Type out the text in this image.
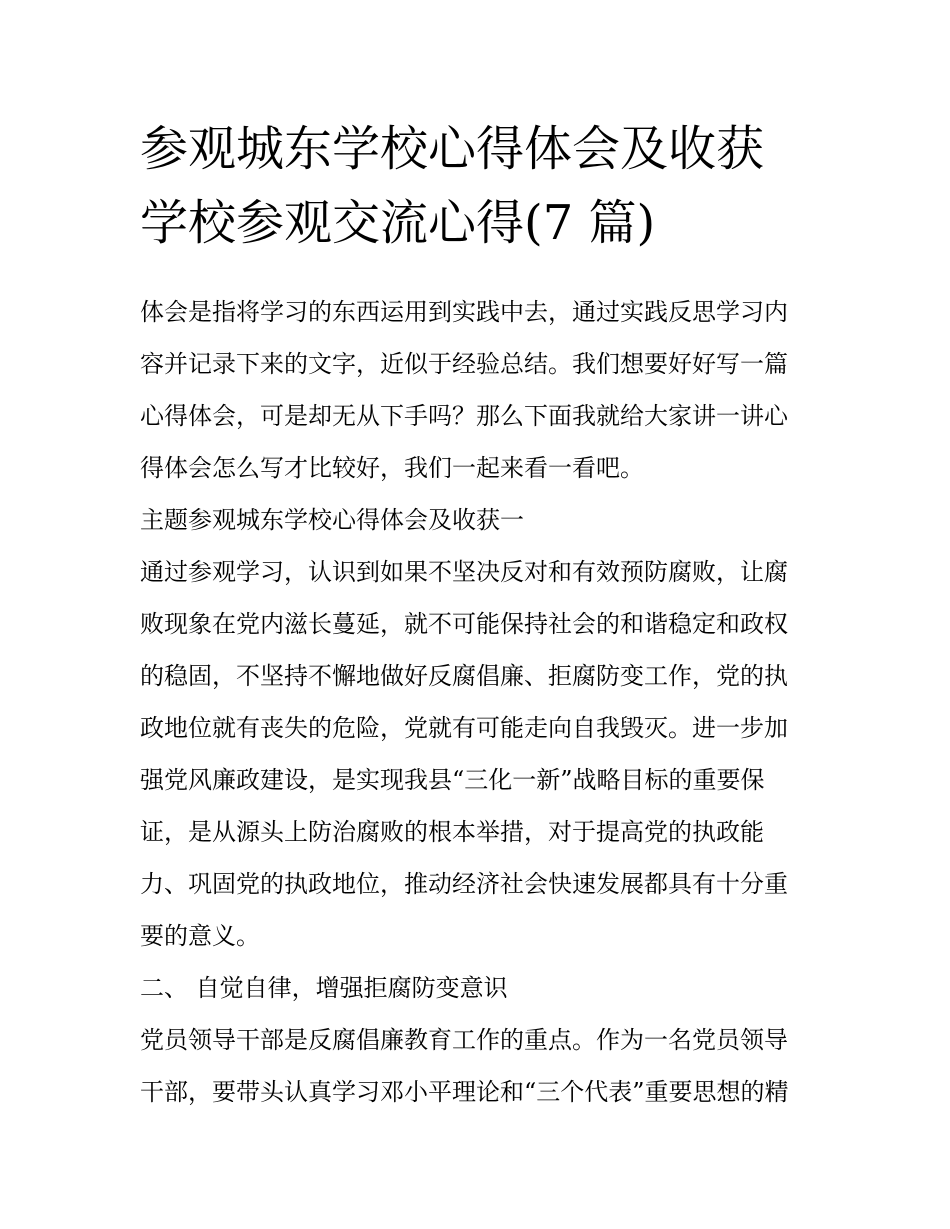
参观城东学校心得体会及收获
学校参观交流心得(7 篇)
体会是指将学习的东西运用到实践中去，通过实践反思学习内
容并记录下来的文字，近似于经验总结。我们想要好好写一篇
心得体会，可是却无从下手吗？那么下面我就给大家讲一讲心
得体会怎么写才比较好，我们一起来看一看吧。
主题参观城东学校心得体会及收获一
通过参观学习，认识到如果不坚决反对和有效预防腐败，让腐
败现象在党内滋长蔓延，就不可能保持社会的和谐稳定和政权
的稳固，不坚持不懈地做好反腐倡廉、拒腐防变工作，党的执
政地位就有丧失的危险，党就有可能走向自我毁灭。进一步加
强党风廉政建设，是实现我县“三化一新”战略目标的重要保
证，是从源头上防治腐败的根本举措，对于提高党的执政能
力、巩固党的执政地位，推动经济社会快速发展都具有十分重
要的意义。
二、 自觉自律，增强拒腐防变意识
党员领导干部是反腐倡廉教育工作的重点。作为一名党员领导
干部，要带头认真学习邓小平理论和“三个代表”重要思想的精
